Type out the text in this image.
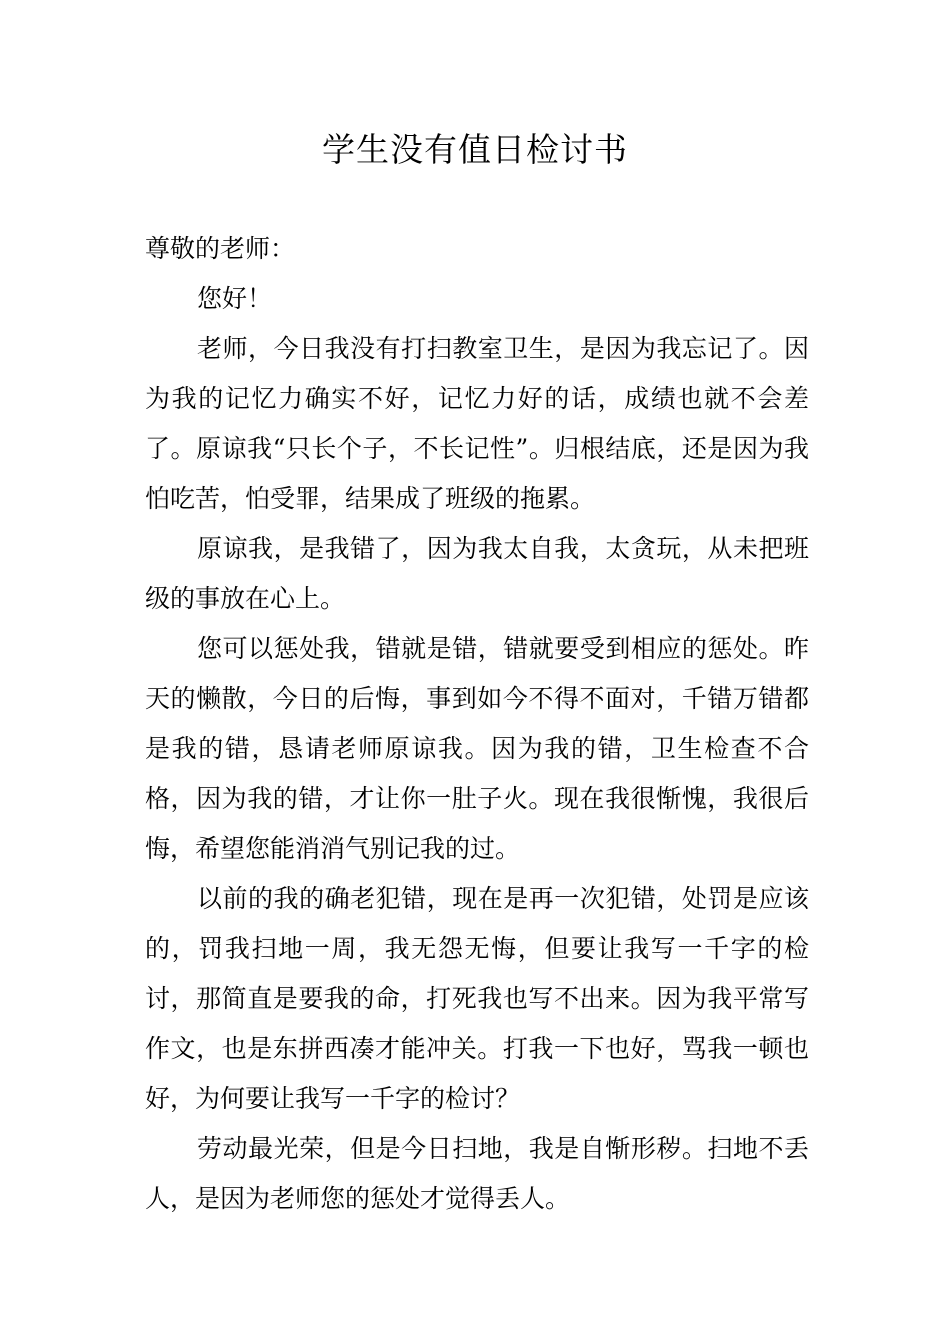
学生没有值日检讨书

尊敬的老师：

您好！

老师，今日我没有打扫教室卫生，是因为我忘记了。因为我的记忆力确实不好，记忆力好的话，成绩也就不会差了。原谅我“只长个子，不长记性”。归根结底，还是因为我怕吃苦，怕受罪，结果成了班级的拖累。

原谅我，是我错了，因为我太自我，太贪玩，从未把班级的事放在心上。

您可以惩处我，错就是错，错就要受到相应的惩处。昨天的懒散，今日的后悔，事到如今不得不面对，千错万错都是我的错，恳请老师原谅我。因为我的错，卫生检查不合格，因为我的错，才让你一肚子火。现在我很惭愧，我很后悔，希望您能消消气别记我的过。

以前的我的确老犯错，现在是再一次犯错，处罚是应该的，罚我扫地一周，我无怨无悔，但要让我写一千字的检讨，那简直是要我的命，打死我也写不出来。因为我平常写作文，也是东拼西凑才能冲关。打我一下也好，骂我一顿也好，为何要让我写一千字的检讨？

劳动最光荣，但是今日扫地，我是自惭形秽。扫地不丢人，是因为老师您的惩处才觉得丢人。
